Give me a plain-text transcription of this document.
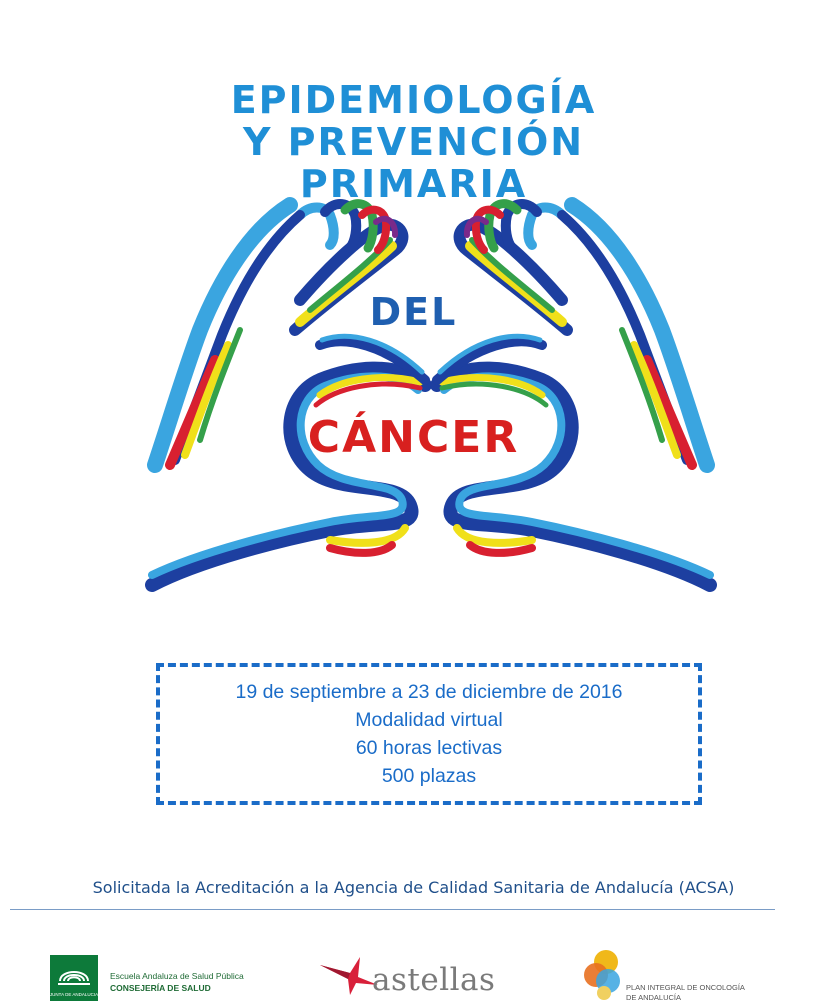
EPIDEMIOLOGÍA
Y PREVENCIÓN
PRIMARIA
DEL
CÁNCER
19 de septiembre a 23 de diciembre de 2016
Modalidad virtual
60 horas lectivas
500 plazas
Solicitada la Acreditación a la Agencia de Calidad Sanitaria de Andalucía (ACSA)
JUNTA DE ANDALUCIA
Escuela Andaluza de Salud Pública
CONSEJERÍA DE SALUD	astellas	PLAN INTEGRAL DE ONCOLOGÍA
DE ANDALUCÍA
